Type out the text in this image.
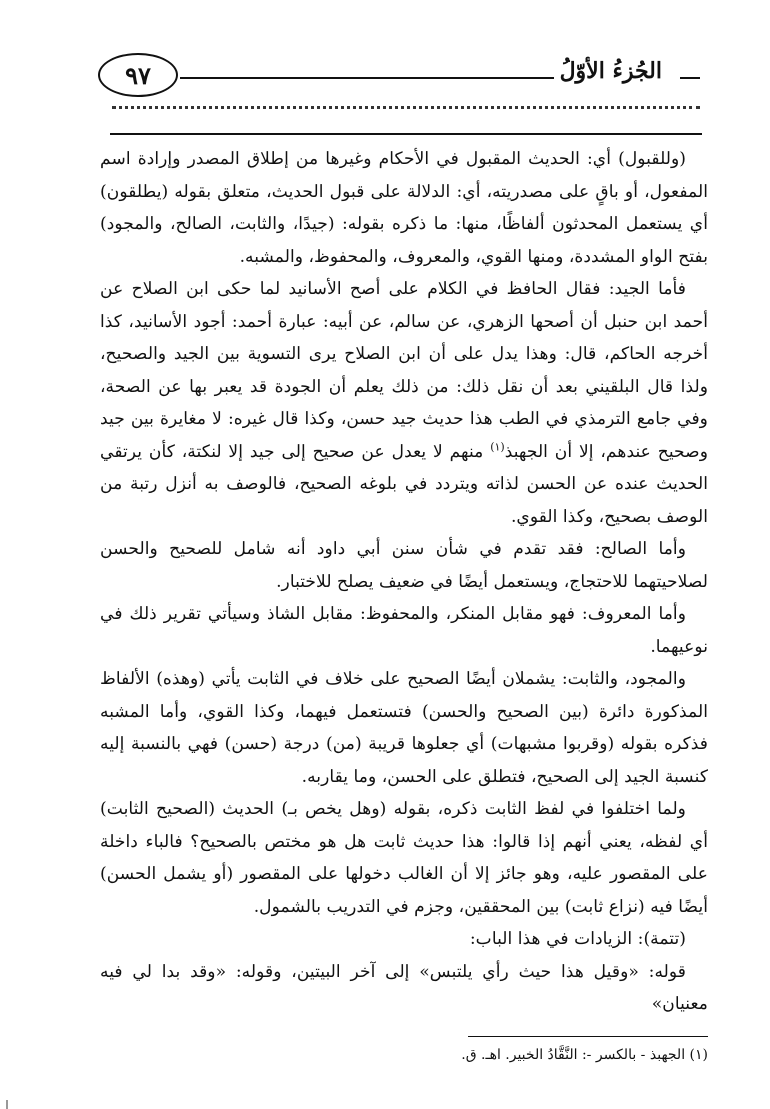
الجُزءُ الأوّلُ
٩٧

(وللقبول) أي: الحديث المقبول في الأحكام وغيرها من إطلاق المصدر وإرادة اسم المفعول، أو باقٍ على مصدريته، أي: الدلالة على قبول الحديث، متعلق بقوله (يطلقون) أي يستعمل المحدثون ألفاظًا، منها: ما ذكره بقوله: (جيدًا، والثابت، الصالح، والمجود) بفتح الواو المشددة، ومنها القوي، والمعروف، والمحفوظ، والمشبه.

فأما الجيد: فقال الحافظ في الكلام على أصح الأسانيد لما حكى ابن الصلاح عن أحمد ابن حنبل أن أصحها الزهري، عن سالم، عن أبيه: عبارة أحمد: أجود الأسانيد، كذا أخرجه الحاكم، قال: وهذا يدل على أن ابن الصلاح يرى التسوية بين الجيد والصحيح، ولذا قال البلقيني بعد أن نقل ذلك: من ذلك يعلم أن الجودة قد يعبر بها عن الصحة، وفي جامع الترمذي في الطب هذا حديث جيد حسن، وكذا قال غيره: لا مغايرة بين جيد وصحيح عندهم، إلا أن الجهبذ$^{(١)}$ منهم لا يعدل عن صحيح إلى جيد إلا لنكتة، كأن يرتقي الحديث عنده عن الحسن لذاته ويتردد في بلوغه الصحيح، فالوصف به أنزل رتبة من الوصف بصحيح، وكذا القوي.

وأما الصالح: فقد تقدم في شأن سنن أبي داود أنه شامل للصحيح والحسن لصلاحيتهما للاحتجاج، ويستعمل أيضًا في ضعيف يصلح للاختبار.

وأما المعروف: فهو مقابل المنكر، والمحفوظ: مقابل الشاذ وسيأتي تقرير ذلك في نوعيهما.

والمجود، والثابت: يشملان أيضًا الصحيح على خلاف في الثابت يأتي (وهذه) الألفاظ المذكورة دائرة (بين الصحيح والحسن) فتستعمل فيهما، وكذا القوي، وأما المشبه فذكره بقوله (وقربوا مشبهات) أي جعلوها قريبة (من) درجة (حسن) فهي بالنسبة إليه كنسبة الجيد إلى الصحيح، فتطلق على الحسن، وما يقاربه.

ولما اختلفوا في لفظ الثابت ذكره، بقوله (وهل يخص بـ) الحديث (الصحيح الثابت) أي لفظه، يعني أنهم إذا قالوا: هذا حديث ثابت هل هو مختص بالصحيح؟ فالباء داخلة على المقصور عليه، وهو جائز إلا أن الغالب دخولها على المقصور (أو يشمل الحسن) أيضًا فيه (نزاع ثابت) بين المحققين، وجزم في التدريب بالشمول.

(تتمة): الزيادات في هذا الباب:

قوله: «وقيل هذا حيث رأي يلتبس» إلى آخر البيتين، وقوله: «وقد بدا لي فيه معنيان»

(١) الجهبذ - بالكسر -: النَّقَّادُ الخبير. اهـ. ق.
